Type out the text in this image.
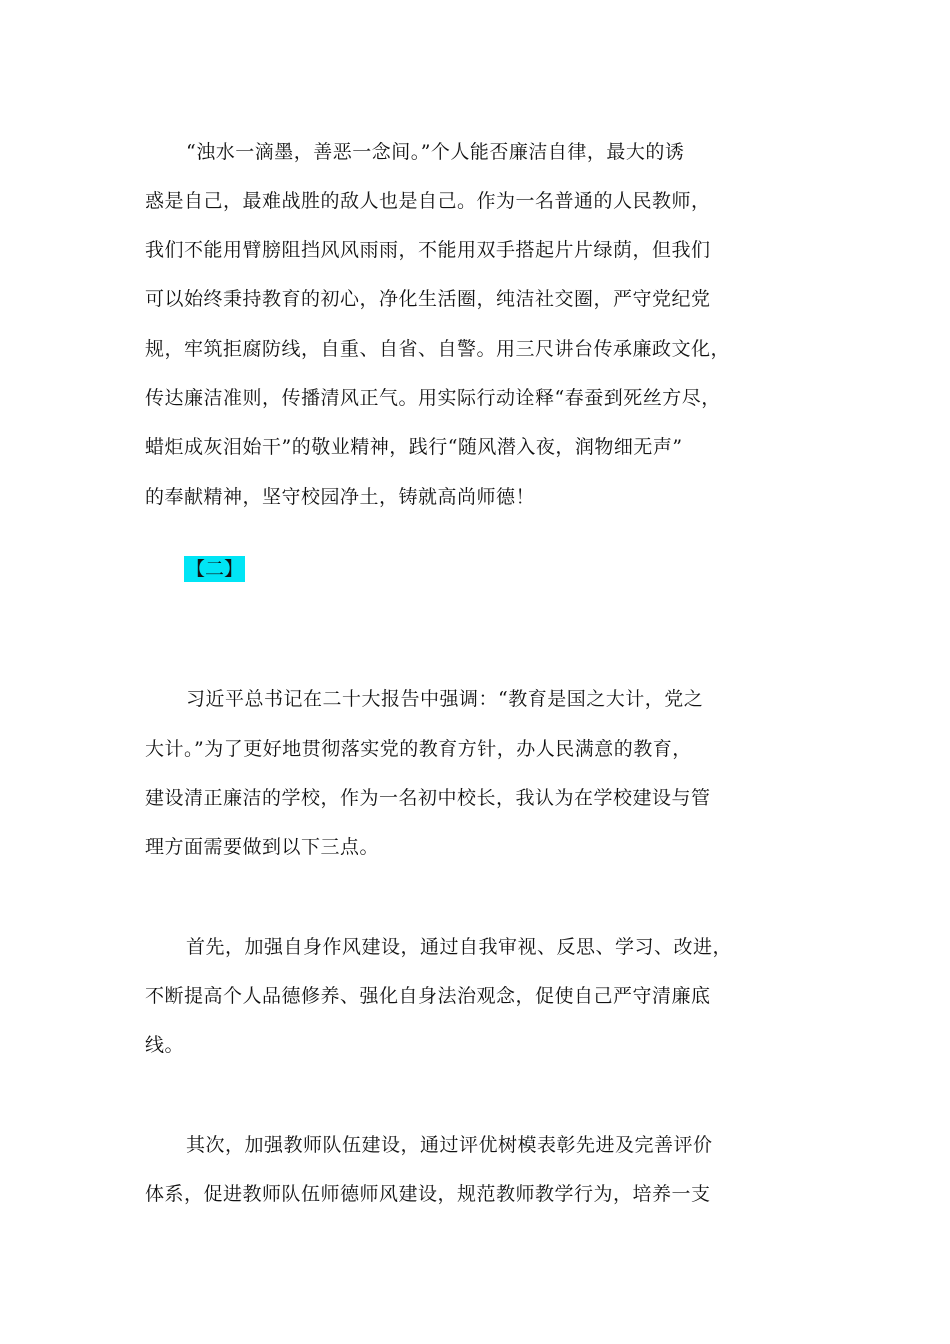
“浊水一滴墨，善恶一念间。”个人能否廉洁自律，最大的诱
惑是自己，最难战胜的敌人也是自己。作为一名普通的人民教师，
我们不能用臂膀阻挡风风雨雨，不能用双手搭起片片绿荫，但我们
可以始终秉持教育的初心，净化生活圈，纯洁社交圈，严守党纪党
规，牢筑拒腐防线，自重、自省、自警。用三尺讲台传承廉政文化，
传达廉洁准则，传播清风正气。用实际行动诠释“春蚕到死丝方尽，
蜡炬成灰泪始干”的敬业精神，践行“随风潜入夜，润物细无声”
的奉献精神，坚守校园净土，铸就高尚师德！
【二】
习近平总书记在二十大报告中强调：“教育是国之大计，党之
大计。”为了更好地贯彻落实党的教育方针，办人民满意的教育，
建设清正廉洁的学校，作为一名初中校长，我认为在学校建设与管
理方面需要做到以下三点。
首先，加强自身作风建设，通过自我审视、反思、学习、改进，
不断提高个人品德修养、强化自身法治观念，促使自己严守清廉底
线。
其次，加强教师队伍建设，通过评优树模表彰先进及完善评价
体系，促进教师队伍师德师风建设，规范教师教学行为，培养一支
